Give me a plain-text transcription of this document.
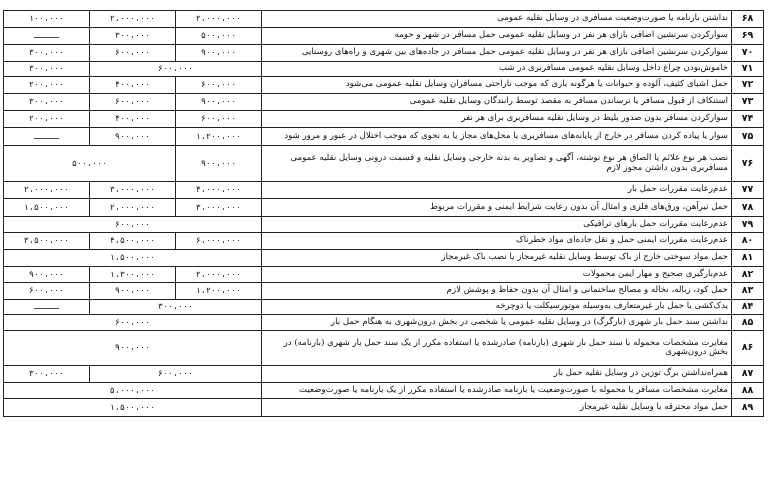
۶۸	نداشتن بارنامه یا صورت‌وضعیت مسافری در وسایل نقلیه عمومی	۲،۰۰۰،۰۰۰	۲،۰۰۰،۰۰۰	۱۰۰،۰۰۰
۶۹	سوارکردن سرنشین اضافی بازای هر نفر در وسایل نقلیه عمومی حمل مسافر در شهر و حومه	۵۰۰،۰۰۰	۳۰۰،۰۰۰	ـــــ
۷۰	سوارکردن سرنشین اضافی بازای هر نفر در وسایل نقلیه عمومی حمل مسافر در جاده‌های بین شهری و راه‌های روستایی	۹۰۰،۰۰۰	۶۰۰،۰۰۰	۳۰۰،۰۰۰
۷۱	خاموش‌بودن چراغ داخل وسایل نقلیه عمومی مسافربری در شب	۶۰۰،۰۰۰		۳۰۰،۰۰۰
۷۲	حمل اشیای کثیف، آلوده و حیوانات یا هرگونه باری که موجب ناراحتی مسافران وسایل نقلیه عمومی می‌شود	۶۰۰،۰۰۰	۴۰۰،۰۰۰	۲۰۰،۰۰۰
۷۳	استنکاف از قبول مسافر یا نرساندن مسافر به مقصد توسط رانندگان وسایل نقلیه عمومی	۹۰۰،۰۰۰	۶۰۰،۰۰۰	۳۰۰،۰۰۰
۷۴	سوارکردن مسافر بدون صدور بلیط در وسایل نقلیه مسافربری برای هر نفر	۶۰۰،۰۰۰	۴۰۰،۰۰۰	۲۰۰،۰۰۰
۷۵	سوار یا پیاده کردن مسافر در خارج از پایانه‌های مسافربری یا محل‌های مجاز یا به نحوی که موجب اختلال در عبور و مرور شود	۱،۲۰۰،۰۰۰	۹۰۰،۰۰۰	ـــــ
۷۶	نصب هر نوع علائم یا الصاق هر نوع نوشته، آگهی و تصاویر به بدنه خارجی وسایل نقلیه و قسمت درونی وسایل نقلیه عمومی مسافربری بدون داشتن مجوز لازم	۹۰۰،۰۰۰	۵۰۰،۰۰۰	
۷۷	عدم‌رعایت مقررات حمل بار	۴،۰۰۰،۰۰۰	۳،۰۰۰،۰۰۰	۲،۰۰۰،۰۰۰
۷۸	حمل تیرآهن، ورق‌های فلزی و امثال آن بدون رعایت شرایط ایمنی و مقررات مربوط	۳،۰۰۰،۰۰۰	۲،۰۰۰،۰۰۰	۱،۵۰۰،۰۰۰
۷۹	عدم‌رعایت مقررات حمل بارهای ترافیکی	۶۰۰،۰۰۰		
۸۰	عدم‌رعایت مقررات ایمنی حمل و نقل جاده‌ای مواد خطرناک	۶،۰۰۰،۰۰۰	۴،۵۰۰،۰۰۰	۳،۵۰۰،۰۰۰
۸۱	حمل مواد سوختی خارج از باک توسط وسایل نقلیه غیرمجاز یا نصب باک غیرمجاز	۱،۵۰۰،۰۰۰		
۸۲	عدم‌بارگیری صحیح و مهار ایمن محمولات	۲،۰۰۰،۰۰۰	۱،۳۰۰،۰۰۰	۹۰۰،۰۰۰
۸۳	حمل کود، زباله، نخاله و مصالح ساختمانی و امثال آن بدون حفاظ و پوشش لازم	۱،۲۰۰،۰۰۰	۹۰۰،۰۰۰	۶۰۰،۰۰۰
۸۴	یدک‌کشی یا حمل بار غیرمتعارف به‌وسیله موتورسیکلت یا دوچرخه	۳۰۰،۰۰۰		ـــــ
۸۵	نداشتن سند حمل بار شهری (بارگرگ) در وسایل نقلیه عمومی یا شخصی در بخش درون‌شهری به هنگام حمل بار	۶۰۰،۰۰۰		
۸۶	مغایرت مشخصات محموله با سند حمل بار شهری (بارنامه) صادرشده یا استفاده مکرر از یک سند حمل بار شهری (بارنامه) در بخش درون‌شهری	۹۰۰،۰۰۰		
۸۷	همراه‌نداشتن برگ توزین در وسایل نقلیه حمل بار	۶۰۰،۰۰۰		۳۰۰،۰۰۰
۸۸	مغایرت مشخصات مسافر یا محموله با صورت‌وضعیت یا بارنامه صادرشده یا استفاده مکرر از یک بارنامه یا صورت‌وضعیت	۵،۰۰۰،۰۰۰		
۸۹	حمل مواد محترقه با وسایل نقلیه غیرمجاز	۱،۵۰۰،۰۰۰		
